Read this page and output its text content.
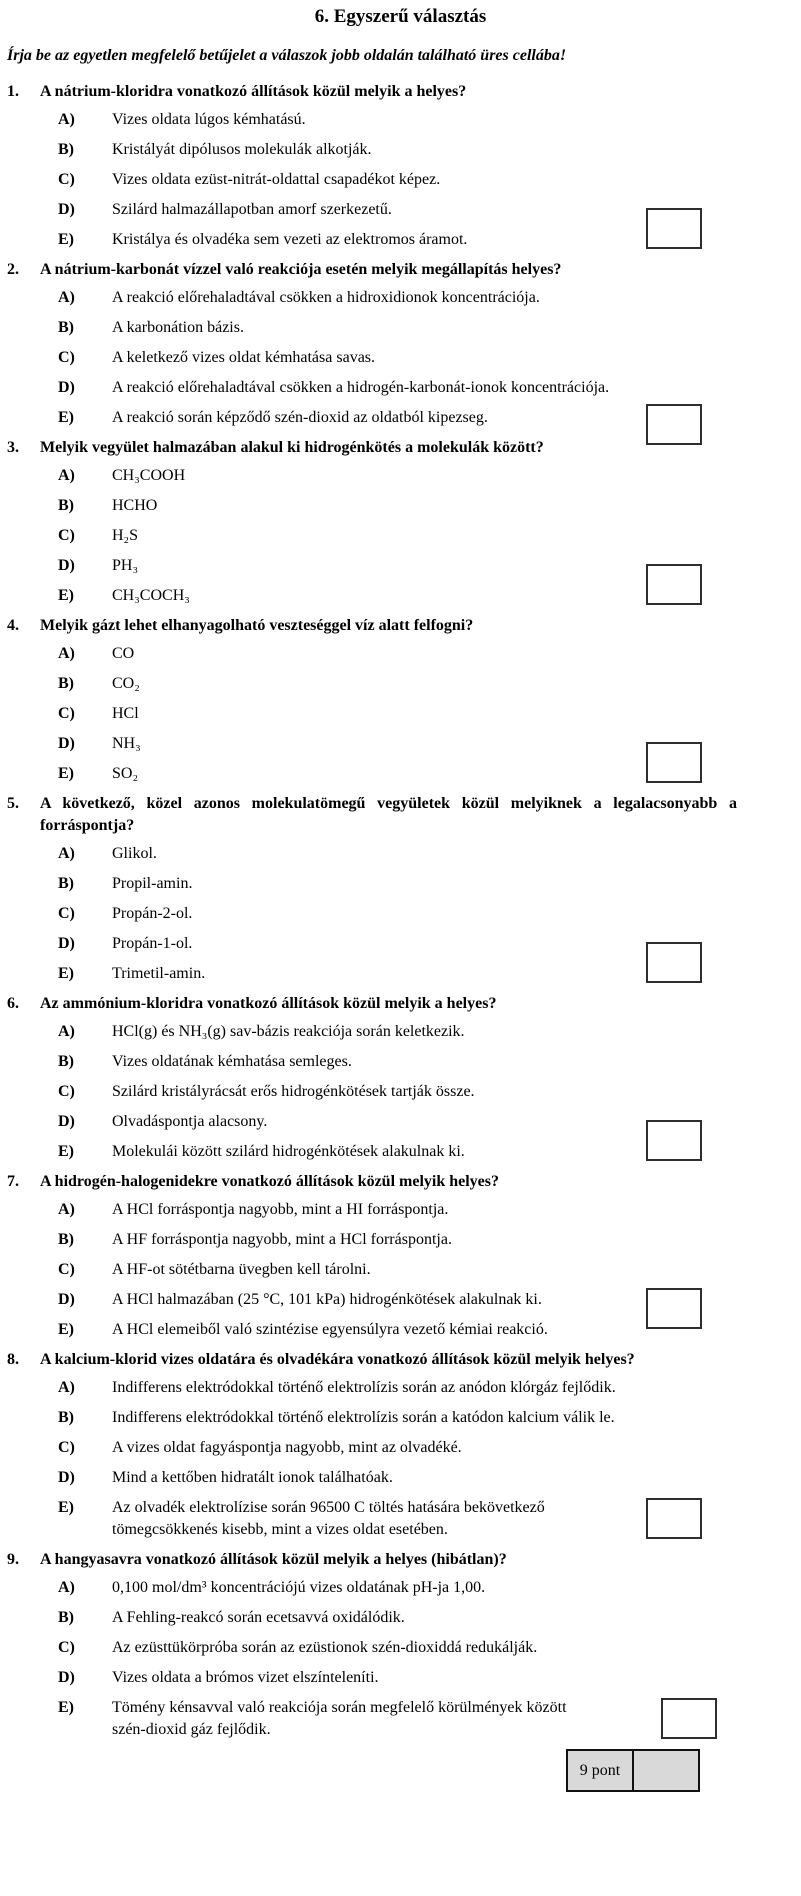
6. Egyszerű választás

Írja be az egyetlen megfelelő betűjelet a válaszok jobb oldalán található üres cellába!

1.	A nátrium-kloridra vonatkozó állítások közül melyik a helyes?
A)	Vizes oldata lúgos kémhatású.
B)	Kristályát dipólusos molekulák alkotják.
C)	Vizes oldata ezüst-nitrát-oldattal csapadékot képez.
D)	Szilárd halmazállapotban amorf szerkezetű.
E)	Kristálya és olvadéka sem vezeti az elektromos áramot.
2.	A nátrium-karbonát vízzel való reakciója esetén melyik megállapítás helyes?
A)	A reakció előrehaladtával csökken a hidroxidionok koncentrációja.
B)	A karbonátion bázis.
C)	A keletkező vizes oldat kémhatása savas.
D)	A reakció előrehaladtával csökken a hidrogén-karbonát-ionok koncentrációja.
E)	A reakció során képződő szén-dioxid az oldatból kipezseg.
3.	Melyik vegyület halmazában alakul ki hidrogénkötés a molekulák között?
A)	CH₃COOH
B)	HCHO
C)	H₂S
D)	PH₃
E)	CH₃COCH₃
4.	Melyik gázt lehet elhanyagolható veszteséggel víz alatt felfogni?
A)	CO
B)	CO₂
C)	HCl
D)	NH₃
E)	SO₂
5.	A következő, közel azonos molekulatömegű vegyületek közül melyiknek a legalacsonyabb a forráspontja?
A)	Glikol.
B)	Propil-amin.
C)	Propán-2-ol.
D)	Propán-1-ol.
E)	Trimetil-amin.
6.	Az ammónium-kloridra vonatkozó állítások közül melyik a helyes?
A)	HCl(g) és NH₃(g) sav-bázis reakciója során keletkezik.
B)	Vizes oldatának kémhatása semleges.
C)	Szilárd kristályrácsát erős hidrogénkötések tartják össze.
D)	Olvadáspontja alacsony.
E)	Molekulái között szilárd hidrogénkötések alakulnak ki.
7.	A hidrogén-halogenidekre vonatkozó állítások közül melyik helyes?
A)	A HCl forráspontja nagyobb, mint a HI forráspontja.
B)	A HF forráspontja nagyobb, mint a HCl forráspontja.
C)	A HF-ot sötétbarna üvegben kell tárolni.
D)	A HCl halmazában (25 °C, 101 kPa) hidrogénkötések alakulnak ki.
E)	A HCl elemeiből való szintézise egyensúlyra vezető kémiai reakció.
8.	A kalcium-klorid vizes oldatára és olvadékára vonatkozó állítások közül melyik helyes?
A)	Indifferens elektródokkal történő elektrolízis során az anódon klórgáz fejlődik.
B)	Indifferens elektródokkal történő elektrolízis során a katódon kalcium válik le.
C)	A vizes oldat fagyáspontja nagyobb, mint az olvadéké.
D)	Mind a kettőben hidratált ionok találhatóak.
E)	Az olvadék elektrolízise során 96500 C töltés hatására bekövetkező tömegcsökkenés kisebb, mint a vizes oldat esetében.
9.	A hangyasavra vonatkozó állítások közül melyik a helyes (hibátlan)?
A)	0,100 mol/dm³ koncentrációjú vizes oldatának pH-ja 1,00.
B)	A Fehling-reakcó során ecetsavvá oxidálódik.
C)	Az ezüsttükörpróba során az ezüstionok szén-dioxiddá redukálják.
D)	Vizes oldata a brómos vizet elszínteleníti.
E)	Tömény kénsavval való reakciója során megfelelő körülmények között szén-dioxid gáz fejlődik.
9 pont
